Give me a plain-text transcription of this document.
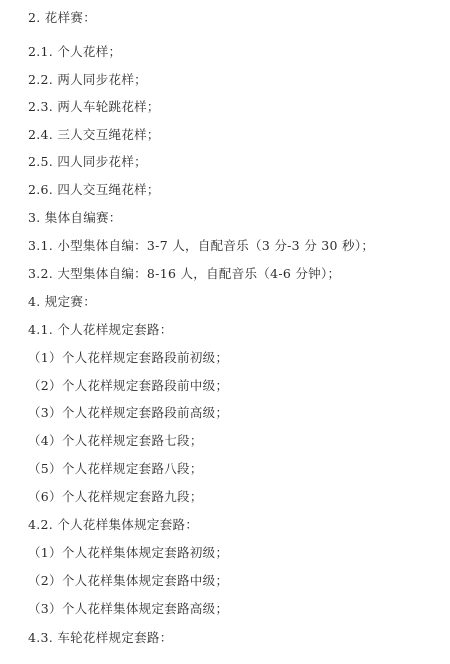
2. 花样赛：

2.1. 个人花样；

2.2. 两人同步花样；

2.3. 两人车轮跳花样；

2.4. 三人交互绳花样；

2.5. 四人同步花样；

2.6. 四人交互绳花样；

3. 集体自编赛：

3.1. 小型集体自编：3-7 人，自配音乐（3 分-3 分 30 秒）；

3.2. 大型集体自编：8-16 人，自配音乐（4-6 分钟）；

4. 规定赛：

4.1. 个人花样规定套路：

（1）个人花样规定套路段前初级；

（2）个人花样规定套路段前中级；

（3）个人花样规定套路段前高级；

（4）个人花样规定套路七段；

（5）个人花样规定套路八段；

（6）个人花样规定套路九段；

4.2. 个人花样集体规定套路：

（1）个人花样集体规定套路初级；

（2）个人花样集体规定套路中级；

（3）个人花样集体规定套路高级；

4.3. 车轮花样规定套路：
